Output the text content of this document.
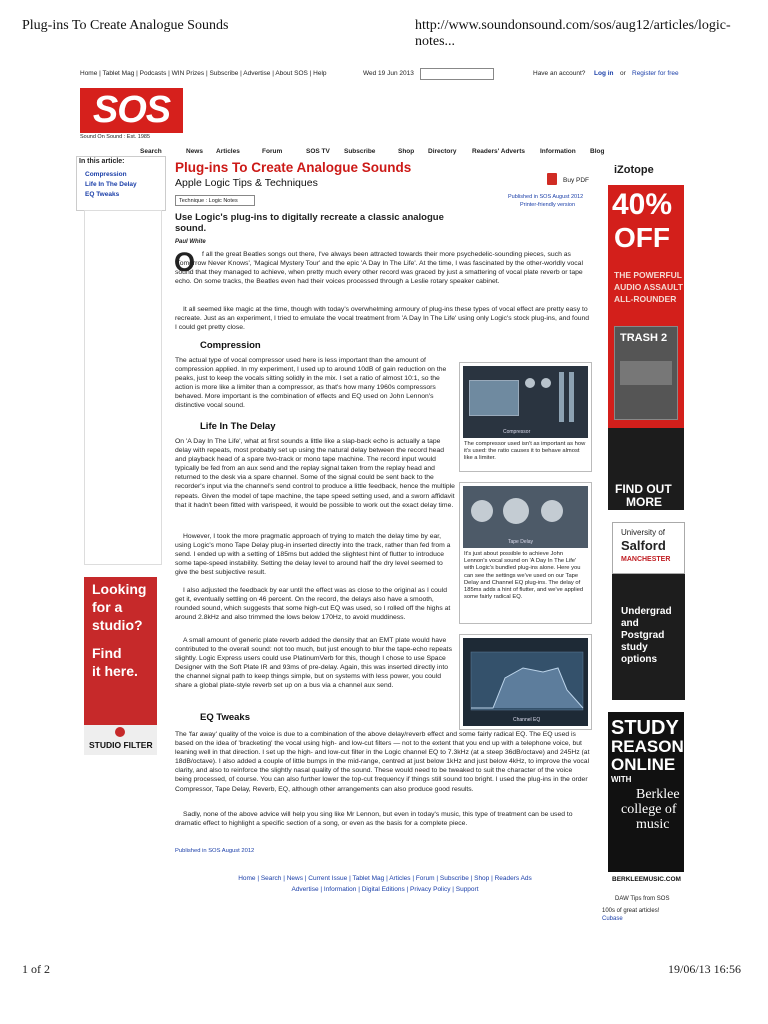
Plug-ins To Create Analogue Sounds	http://www.soundonsound.com/sos/aug12/articles/logic-notes...
Home | Tablet Mag | Podcasts | WIN Prizes | Subscribe | Advertise | About SOS | Help	Wed 19 Jun 2013	Have an account? Log in or Register for free
SOS
Sound On Sound : Est. 1985
Search	News Articles	Forum	SOS TV Subscribe	Shop Directory Readers' Adverts Information Blog
In this article:
Compression
Life In The Delay
EQ Tweaks
Plug-ins To Create Analogue Sounds
Apple Logic Tips & Techniques
Technique : Logic Notes
Buy PDF
Published in SOS August 2012
Printer-friendly version
Use Logic's plug-ins to digitally recreate a classic analogue sound.
Paul White
O	f all the great Beatles songs out there, I've always been attracted towards their more psychedelic-sounding pieces, such as 'Tomorrow Never Knows', 'Magical Mystery Tour' and the epic 'A Day In The Life'. At the time, I was fascinated by the other-worldly vocal sound that they managed to achieve, when pretty much every other record was graced by just a smattering of vocal plate reverb or tape echo. On some tracks, the Beatles even had their voices processed through a Leslie rotary speaker cabinet.
It all seemed like magic at the time, though with today's overwhelming armoury of plug-ins these types of vocal effect are pretty easy to recreate. Just as an experiment, I tried to emulate the vocal treatment from 'A Day In The Life' using only Logic's stock plug-ins, and found I could get pretty close.
Compression
The actual type of vocal compressor used here is less important than the amount of compression applied. In my experiment, I used up to around 10dB of gain reduction on the peaks, just to keep the vocals sitting solidly in the mix. I set a ratio of almost 10:1, so the action is more like a limiter than a compressor, as that's how many 1960s compressors behaved. More important is the combination of effects and EQ used on John Lennon's distinctive vocal sound.
Life In The Delay
On 'A Day In The Life', what at first sounds a little like a slap-back echo is actually a tape delay with repeats, most probably set up using the natural delay between the record head and playback head of a spare two-track or mono tape machine. The record input would typically be fed from an aux send and the replay signal taken from the replay head and returned to the desk via a spare channel. Some of the signal could be sent back to the recorder's input via the channel's send control to produce a little feedback, hence the multiple repeats. Given the model of tape machine, the tape speed setting used, and a sworn affidavit that it hadn't been fitted with varispeed, it would be possible to work out the exact delay time.
However, I took the more pragmatic approach of trying to match the delay time by ear, using Logic's mono Tape Delay plug-in inserted directly into the track, rather than fed from a send. I ended up with a setting of 185ms but added the slightest hint of flutter to introduce some tape-speed instability. Setting the delay level to around half the dry level seemed to give the best subjective result.
I also adjusted the feedback by ear until the effect was as close to the original as I could get it, eventually settling on 46 percent. On the record, the delays also have a smooth, rounded sound, which suggests that some high-cut EQ was used, so I rolled off the highs at around 2.8kHz and also trimmed the lows below 170Hz, to avoid muddiness.
A small amount of generic plate reverb added the density that an EMT plate would have contributed to the overall sound: not too much, but just enough to blur the tape-echo repeats slightly. Logic Express users could use PlatinumVerb for this, though I chose to use Space Designer with the Soft Plate IR and 93ms of pre-delay. Again, this was inserted directly into the channel signal path to keep things simple, but on systems with less power, you could share a global plate-style reverb set up on a bus via a channel aux send.
EQ Tweaks
The 'far away' quality of the voice is due to a combination of the above delay/reverb effect and some fairly radical EQ. The EQ used is based on the idea of 'bracketing' the vocal using high- and low-cut filters — not to the extent that you end up with a telephone voice, but leaning well in that direction. I set up the high- and low-cut filter in the Logic channel EQ to 7.3kHz (at a steep 36dB/octave) and 245Hz (at 18dB/octave). I also added a couple of little bumps in the mid-range, centred at just below 1kHz and just below 4kHz, to improve the vocal clarity, and also to reinforce the slightly nasal quality of the sound. These would need to be tweaked to suit the character of the voice being processed, of course. You can also further lower the top-cut frequency if things still sound too bright. I used the plug-ins in the order Compressor, Tape Delay, Reverb, EQ, although other arrangements can also produce good results.
Sadly, none of the above advice will help you sing like Mr Lennon, but even in today's music, this type of treatment can be used to dramatic effect to highlight a specific section of a song, or even as the basis for a complete piece.
Published in SOS August 2012
Compressor
The compressor used isn't as important as how it's used: the ratio causes it to behave almost like a limiter.
Tape Delay
It's just about possible to achieve John Lennon's vocal sound on 'A Day In The Life' with Logic's bundled plug-ins alone. Here you can see the settings we've used on our Tape Delay and Channel EQ plug-ins. The delay of 185ms adds a hint of flutter, and we've applied some fairly radical EQ.
Channel EQ
iZotope
40%
OFF
THE POWERFUL
AUDIO ASSAULT
ALL-ROUNDER
TRASH 2
FIND OUT
MORE
University of
Salford
MANCHESTER
Undergrad
and
Postgrad
study
options
Looking
for a
studio?
Find
it here.
STUDIO FILTER
STUDY
REASON
ONLINE
WITH
Berklee
college of
music
BERKLEEMUSIC.COM
DAW Tips from SOS
100s of great articles!
Cubase
Home | Search | News | Current Issue | Tablet Mag | Articles | Forum | Subscribe | Shop | Readers Ads
Advertise | Information | Digital Editions | Privacy Policy | Support
1 of 2	19/06/13 16:56
